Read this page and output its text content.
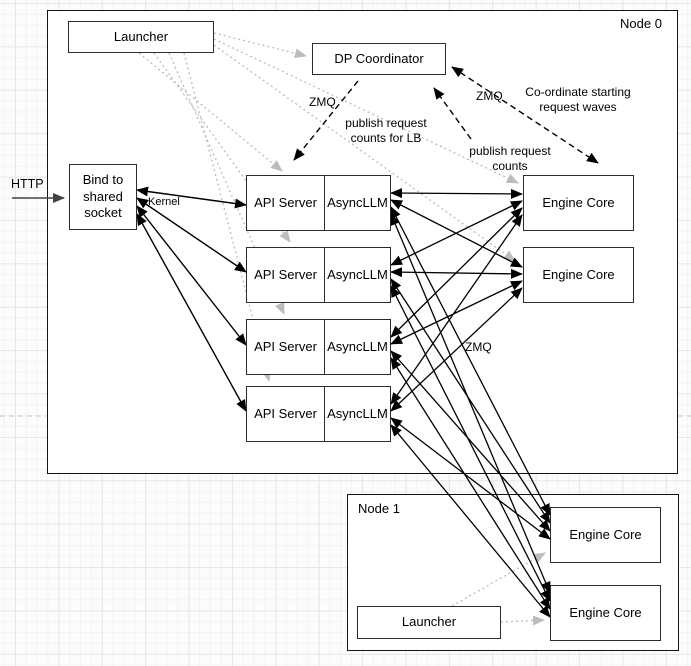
Node 0
Node 1
Launcher
DP Coordinator
Bind to shared socket
API Server AsyncLLM
API Server AsyncLLM
API Server AsyncLLM
API Server AsyncLLM
Engine Core
Engine Core
Launcher
Engine Core
Engine Core
HTTP
Kernel
ZMQ	ZMQ
ZMQ
publish request counts for LB
publish request counts
Co-ordinate starting request waves
